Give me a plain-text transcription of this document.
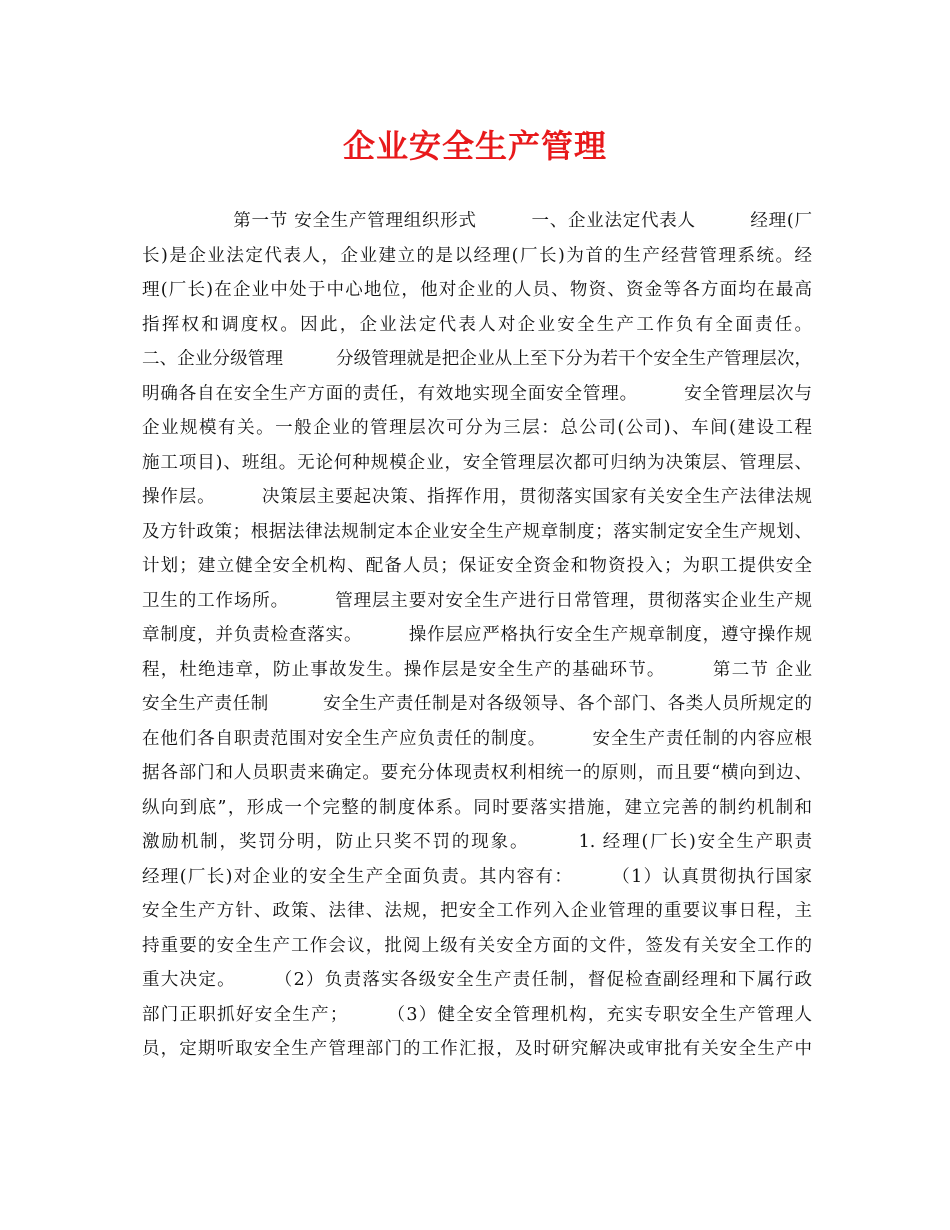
企业安全生产管理
　　　　　第一节 安全生产管理组织形式　　　一、企业法定代表人　　　经理(厂
长)是企业法定代表人，企业建立的是以经理(厂长)为首的生产经营管理系统。经
理(厂长)在企业中处于中心地位，他对企业的人员、物资、资金等各方面均在最高
指挥权和调度权。因此，企业法定代表人对企业安全生产工作负有全面责任。
二、企业分级管理　　　分级管理就是把企业从上至下分为若干个安全生产管理层次，
明确各自在安全生产方面的责任，有效地实现全面安全管理。　　　安全管理层次与
企业规模有关。一般企业的管理层次可分为三层：总公司(公司)、车间(建设工程
施工项目)、班组。无论何种规模企业，安全管理层次都可归纳为决策层、管理层、
操作层。　　　决策层主要起决策、指挥作用，贯彻落实国家有关安全生产法律法规
及方针政策；根据法律法规制定本企业安全生产规章制度；落实制定安全生产规划、
计划；建立健全安全机构、配备人员；保证安全资金和物资投入；为职工提供安全
卫生的工作场所。　　　管理层主要对安全生产进行日常管理，贯彻落实企业生产规
章制度，并负责检查落实。　　　操作层应严格执行安全生产规章制度，遵守操作规
程，杜绝违章，防止事故发生。操作层是安全生产的基础环节。　　　第二节 企业
安全生产责任制　　　安全生产责任制是对各级领导、各个部门、各类人员所规定的
在他们各自职责范围对安全生产应负责任的制度。　　　安全生产责任制的内容应根
据各部门和人员职责来确定。要充分体现责权利相统一的原则，而且要“横向到边、
纵向到底”，形成一个完整的制度体系。同时要落实措施，建立完善的制约机制和
激励机制，奖罚分明，防止只奖不罚的现象。　　　1. 经理(厂长)安全生产职责
经理(厂长)对企业的安全生产全面负责。其内容有：　　　（1）认真贯彻执行国家
安全生产方针、政策、法律、法规，把安全工作列入企业管理的重要议事日程，主
持重要的安全生产工作会议，批阅上级有关安全方面的文件，签发有关安全工作的
重大决定。　　　（2）负责落实各级安全生产责任制，督促检查副经理和下属行政
部门正职抓好安全生产；　　　（3）健全安全管理机构，充实专职安全生产管理人
员，定期听取安全生产管理部门的工作汇报，及时研究解决或审批有关安全生产中
